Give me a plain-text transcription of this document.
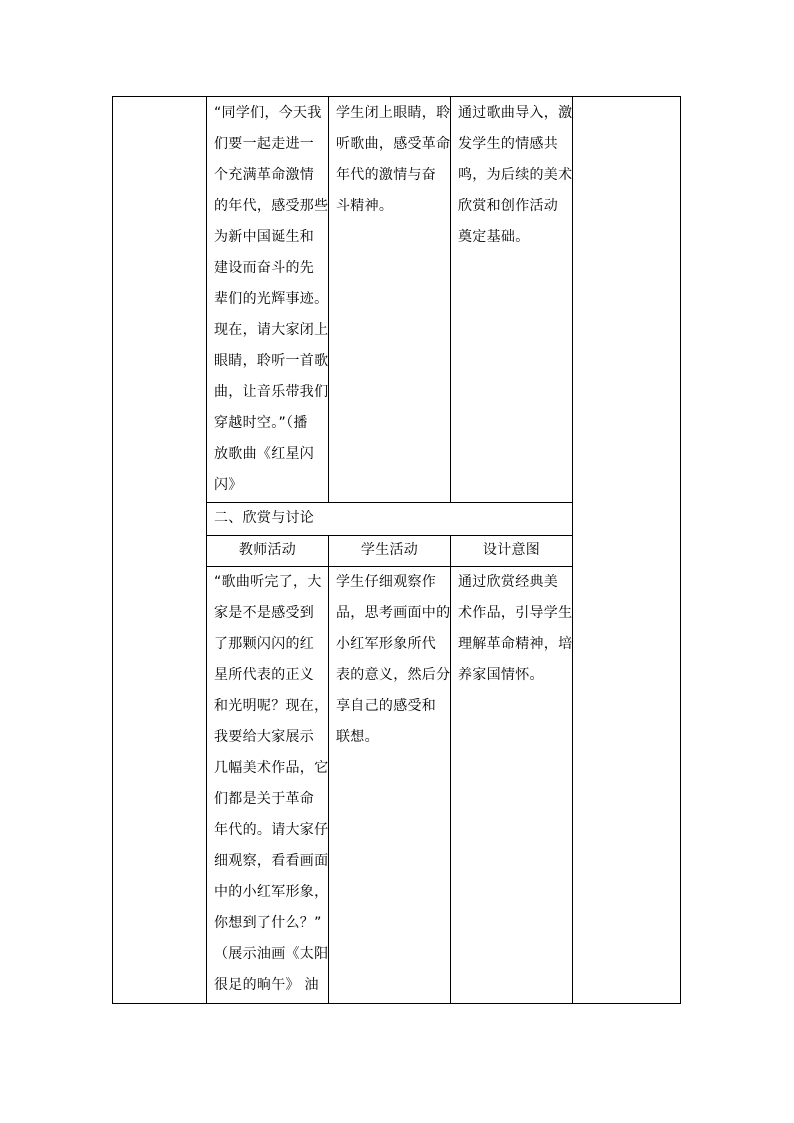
“同学们，今天我
们要一起走进一
个充满革命激情
的年代，感受那些
为新中国诞生和
建设而奋斗的先
辈们的光辉事迹。
现在，请大家闭上
眼睛，聆听一首歌
曲，让音乐带我们
穿越时空。”（播
放歌曲《红星闪
闪》
学生闭上眼睛，聆
听歌曲，感受革命
年代的激情与奋
斗精神。
通过歌曲导入，激
发学生的情感共
鸣，为后续的美术
欣赏和创作活动
奠定基础。
二、欣赏与讨论
教师活动	学生活动	设计意图
“歌曲听完了，大
家是不是感受到
了那颗闪闪的红
星所代表的正义
和光明呢？现在，
我要给大家展示
几幅美术作品，它
们都是关于革命
年代的。请大家仔
细观察，看看画面
中的小红军形象，
你想到了什么？”
（展示油画《太阳
很足的晌午》 油
学生仔细观察作
品，思考画面中的
小红军形象所代
表的意义，然后分
享自己的感受和
联想。
通过欣赏经典美
术作品，引导学生
理解革命精神，培
养家国情怀。
